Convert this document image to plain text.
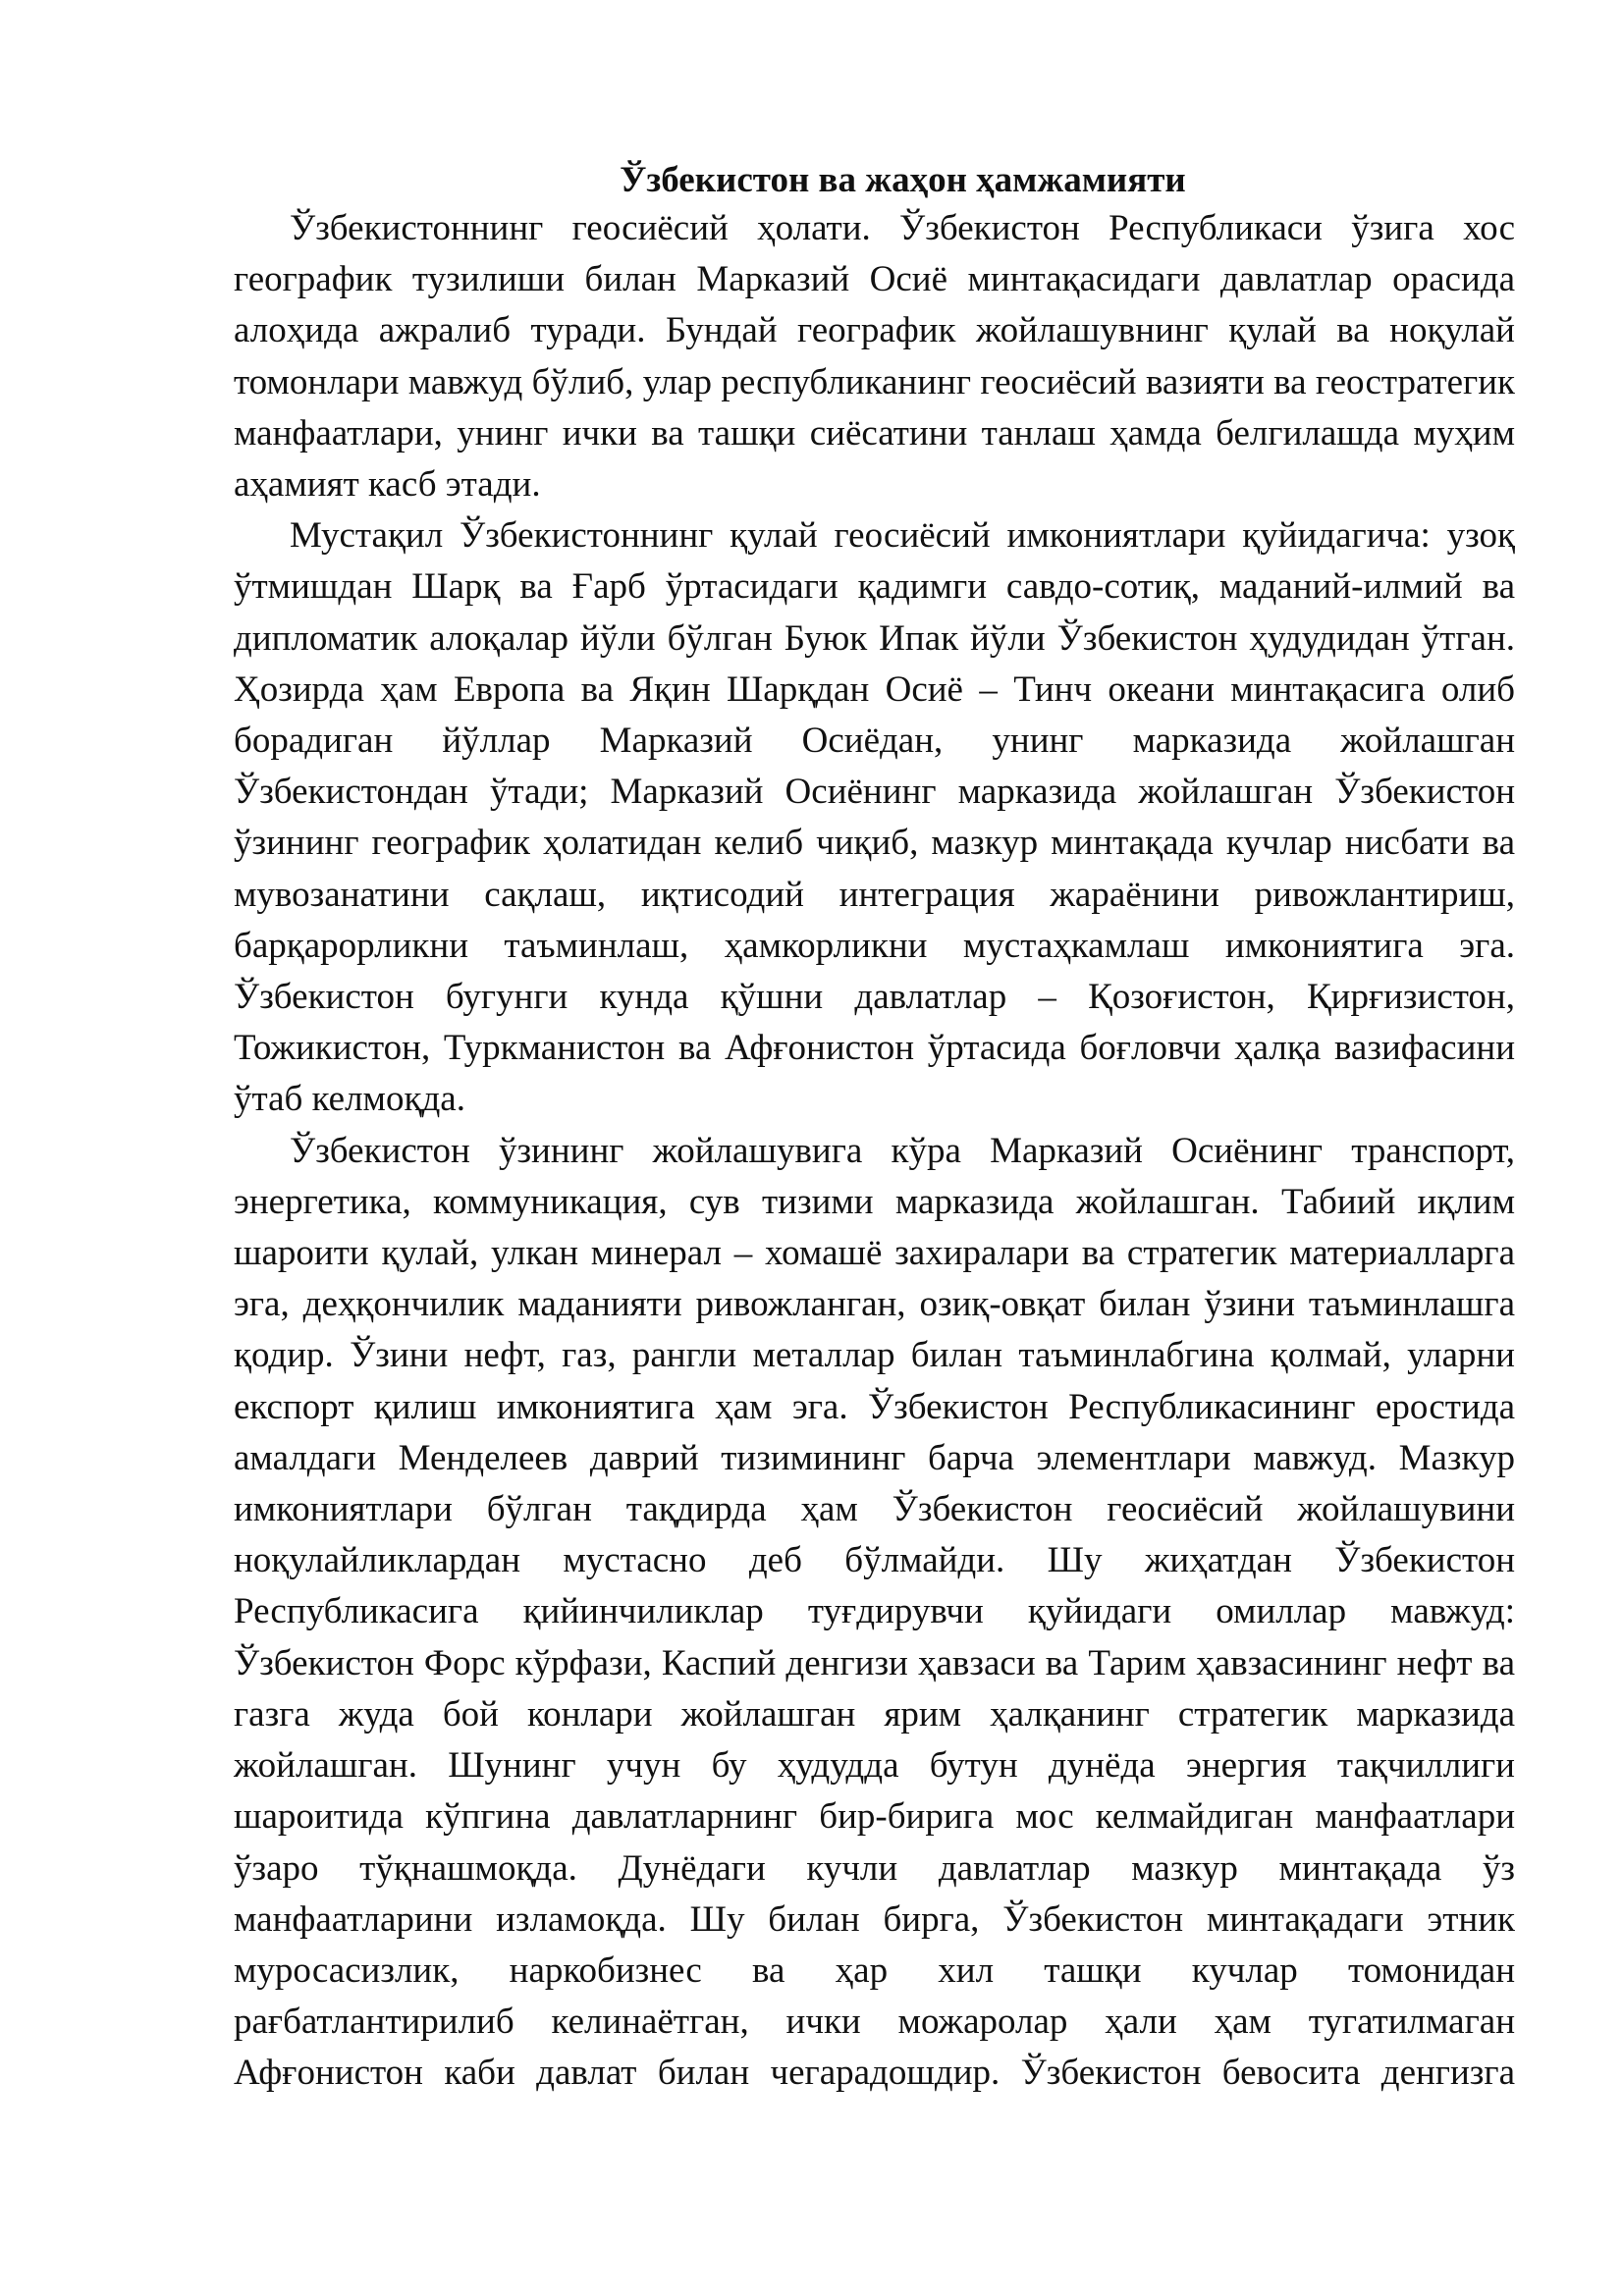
Ўзбекистон ва жаҳон ҳамжамияти

Ўзбекистоннинг геосиёсий ҳолати. Ўзбекистон Республикаси ўзига хос географик тузилиши билан Марказий Осиё минтақасидаги давлатлар орасида алоҳида ажралиб туради. Бундай географик жойлашувнинг қулай ва ноқулай томонлари мавжуд бўлиб, улар республиканинг геосиёсий вазияти ва геостратегик манфаатлари, унинг ички ва ташқи сиёсатини танлаш ҳамда белгилашда муҳим аҳамият касб этади.

Мустақил Ўзбекистоннинг қулай геосиёсий имкониятлари қуйидагича: узоқ ўтмишдан Шарқ ва Ғарб ўртасидаги қадимги савдо-сотиқ, маданий-илмий ва дипломатик алоқалар йўли бўлган Буюк Ипак йўли Ўзбекистон ҳудудидан ўтган. Ҳозирда ҳам Европа ва Яқин Шарқдан Осиё – Тинч океани минтақасига олиб борадиган йўллар Марказий Осиёдан, унинг марказида жойлашган Ўзбекистондан ўтади; Марказий Осиёнинг марказида жойлашган Ўзбекистон ўзининг географик ҳолатидан келиб чиқиб, мазкур минтақада кучлар нисбати ва мувозанатини сақлаш, иқтисодий интеграция жараёнини ривожлантириш, барқарорликни таъминлаш, ҳамкорликни мустаҳкамлаш имкониятига эга. Ўзбекистон бугунги кунда қўшни давлатлар – Қозоғистон, Қирғизистон, Тожикистон, Туркманистон ва Афғонистон ўртасида боғловчи ҳалқа вазифасини ўтаб келмоқда.

Ўзбекистон ўзининг жойлашувига кўра Марказий Осиёнинг транспорт, энергетика, коммуникация, сув тизими марказида жойлашган. Табиий иқлим шароити қулай, улкан минерал – хомашё захиралари ва стратегик материалларга эга, деҳқончилик маданияти ривожланган, озиқ-овқат билан ўзини таъминлашга қодир. Ўзини нефт, газ, рангли металлар билан таъминлабгина қолмай, уларни експорт қилиш имкониятига ҳам эга. Ўзбекистон Республикасининг еростида амалдаги Менделеев даврий тизимининг барча элементлари мавжуд. Мазкур имкониятлари бўлган тақдирда ҳам Ўзбекистон геосиёсий жойлашувини ноқулайликлардан мустасно деб бўлмайди. Шу жиҳатдан Ўзбекистон Республикасига қийинчиликлар туғдирувчи қуйидаги омиллар мавжуд: Ўзбекистон Форс кўрфази, Каспий денгизи ҳавзаси ва Тарим ҳавзасининг нефт ва газга жуда бой конлари жойлашган ярим ҳалқанинг стратегик марказида жойлашган. Шунинг учун бу ҳудудда бутун дунёда энергия тақчиллиги шароитида кўпгина давлатларнинг бир-бирига мос келмайдиган манфаатлари ўзаро тўқнашмоқда. Дунёдаги кучли давлатлар мазкур минтақада ўз манфаатларини изламоқда. Шу билан бирга, Ўзбекистон минтақадаги этник муросасизлик, наркобизнес ва ҳар хил ташқи кучлар томонидан рағбатлантирилиб келинаётган, ички можаролар ҳали ҳам тугатилмаган Афғонистон каби давлат билан чегарадошдир. Ўзбекистон бевосита денгизга
